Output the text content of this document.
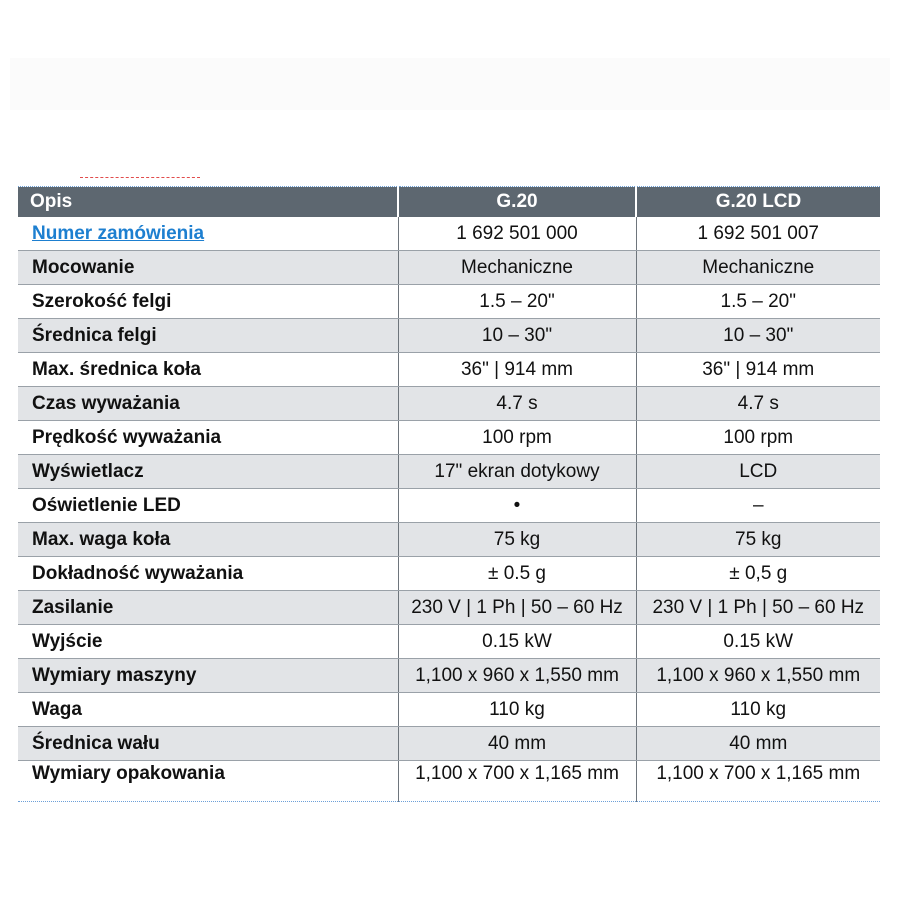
Opis	G.20	G.20 LCD
Numer zamówienia	1 692 501 000	1 692 501 007
Mocowanie	Mechaniczne	Mechaniczne
Szerokość felgi	1.5 – 20"	1.5 – 20"
Średnica felgi	10 – 30"	10 – 30"
Max. średnica koła	36" | 914 mm	36" | 914 mm
Czas wyważania	4.7 s	4.7 s
Prędkość wyważania	100 rpm	100 rpm
Wyświetlacz	17" ekran dotykowy	LCD
Oświetlenie LED	•	–
Max. waga koła	75 kg	75 kg
Dokładność wyważania	± 0.5 g	± 0,5 g
Zasilanie	230 V | 1 Ph | 50 – 60 Hz	230 V | 1 Ph | 50 – 60 Hz
Wyjście	0.15 kW	0.15 kW
Wymiary maszyny	1,100 x 960 x 1,550 mm	1,100 x 960 x 1,550 mm
Waga	110 kg	110 kg
Średnica wału	40 mm	40 mm
Wymiary opakowania	1,100 x 700 x 1,165 mm	1,100 x 700 x 1,165 mm
